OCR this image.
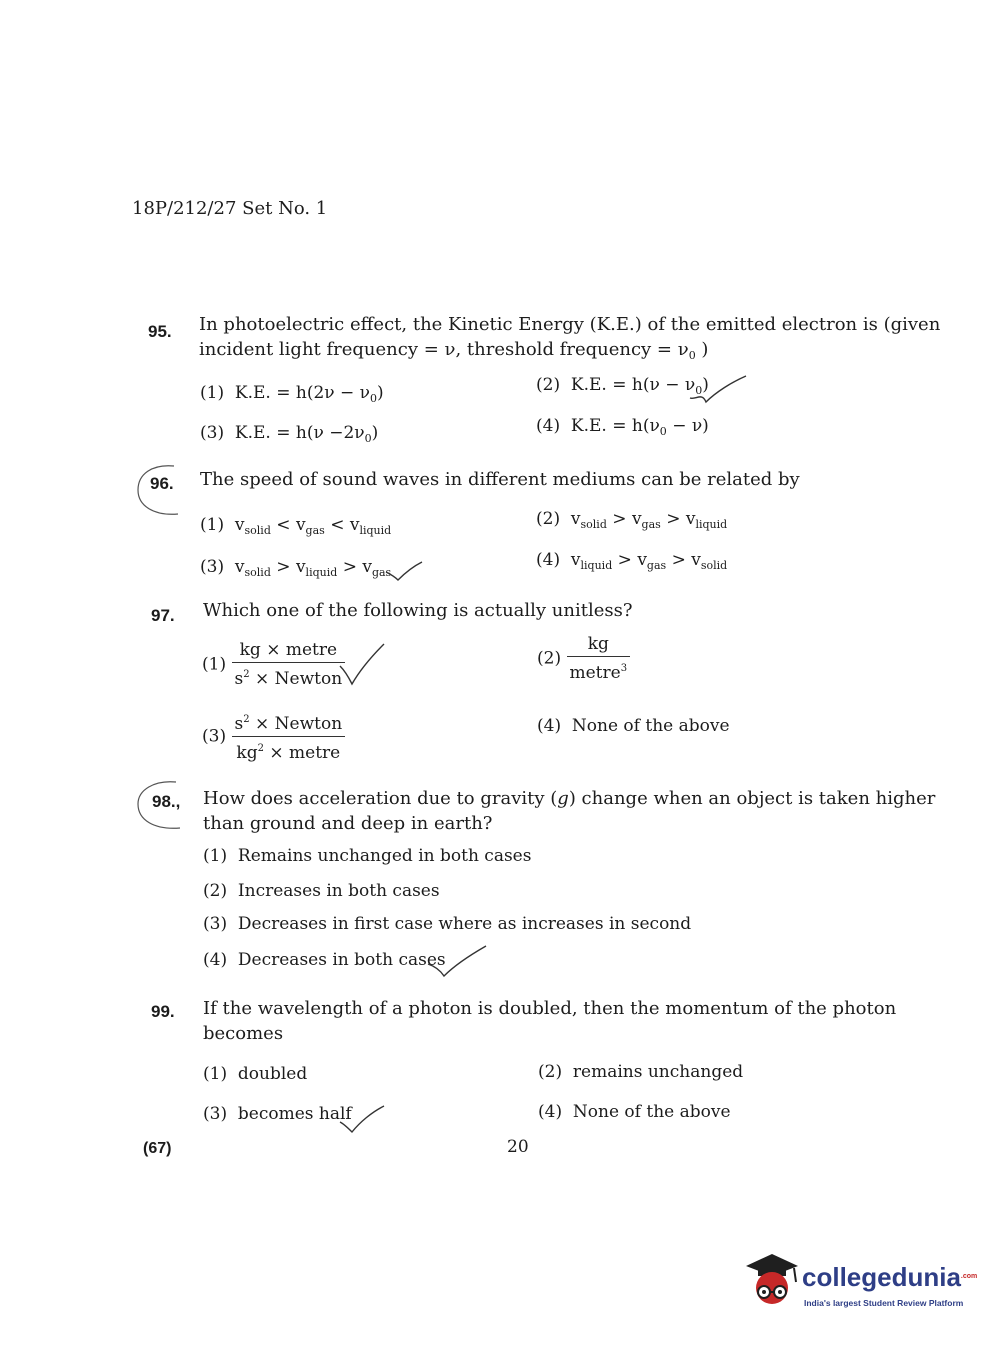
18P/212/27 Set No. 1
95. In photoelectric effect, the Kinetic Energy (K.E.) of the emitted electron is (given
incident light frequency = ν, threshold frequency = $\nu_0$ )
(1) K.E. = $h(2\nu - \nu_0)$	(2) K.E. = $h(\nu - \nu_0)$
(3) K.E. = $h(\nu -2\nu_0)$	(4) K.E. = $h(\nu_0 - \nu)$
96. The speed of sound waves in different mediums can be related by
(1) $v_{solid} < v_{gas} < v_{liquid}$
(2) $v_{solid} > v_{gas} > v_{liquid}$
(3) $v_{solid} > v_{liquid} > v_{gas}$
(4) $v_{liquid} > v_{gas} > v_{solid}$
97. Which one of the following is actually unitless?
$(1) \frac{\text{kg × metre}}{s^2 \times Newton}$	$(2) \frac{kg}{metre^3}$
$(3) \frac{s^2 \times Newton}{kg^2 \times metre}$	(4) None of the above
98., How does acceleration due to gravity (g) change when an object is taken higher
than ground and deep in earth?
(1) Remains unchanged in both cases
(2) Increases in both cases
(3) Decreases in first case where as increases in second
(4) Decreases in both cases
99. If the wavelength of a photon is doubled, then the momentum of the photon
becomes
(1) doubled	(2) remains unchanged
(3) becomes half	(4) None of the above
(67)	20
collegedunia$^{.com}$
India's largest Student Review Platform
